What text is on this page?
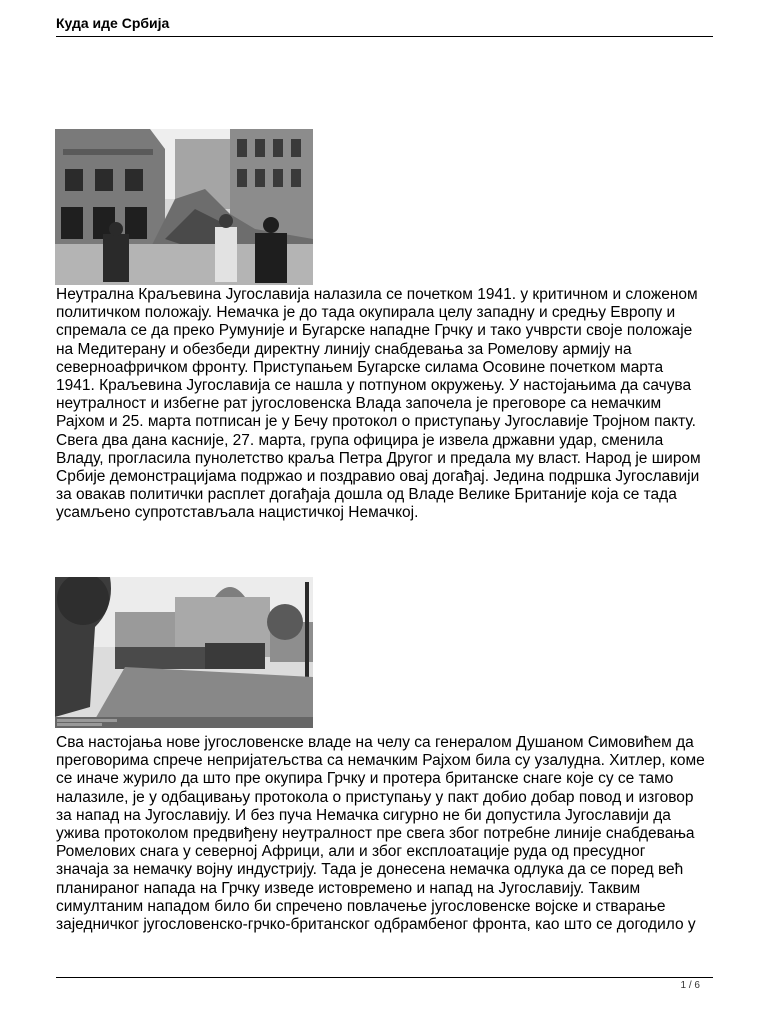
Куда иде Србија
Неутрална Краљевина Југославија налазила се почетком 1941. у критичном и сложеном
политичком положају. Немачка је до тада окупирала целу западну и средњу Европу и
спремала се да преко Румуније и Бугарске нападне Грчку и тако учврсти своје положаје
на Медитерану и обезбеди директну линију снабдевања за Ромелову армију на
северноафричком фронту. Приступањем Бугарске силама Осовине почетком марта
1941. Краљевина Југославија се нашла у потпуном окружењу. У настојањима да сачува
неутралност и избегне рат југословенска Влада започела је преговоре са немачким
Рајхом и 25. марта потписан је у Бечу протокол о приступању Југославије Тројном пакту.
Свега два дана касније, 27. марта, група официра је извела државни удар, сменила
Владу, прогласила пунолетство краља Петра Другог и предала му власт. Народ је широм
Србије демонстрацијама подржао и поздравио овај догађај. Једина подршка Југославији
за овакав политички расплет догађаја дошла од Владе Велике Британије која се тада
усамљено супротстављала нацистичкој Немачкој.
Сва настојања нове југословенске владе на челу са генералом Душаном Симовићем да
преговорима спрече непријатељства са немачким Рајхом била су узалудна. Хитлер, коме
се иначе журило да што пре окупира Грчку и протера британске снаге које су се тамо
налазиле, је у одбацивању протокола о приступању у пакт добио добар повод и изговор
за напад на Југославију. И без пуча Немачка сигурно не би допустила Југославији да
ужива протоколом предвиђену неутралност пре свега због потребне линије снабдевања
Ромелових снага у северној Африци, али и због експлоатације руда од пресудног
значаја за немачку војну индустрију. Тада је донесена немачка одлука да се поред већ
планираног напада на Грчку изведе истовремено и напад на Југославију. Таквим
симултаним нападом било би спречено повлачење југословенске војске и стварање
заједничког југословенско-грчко-британског одбрамбеног фронта, као што се догодило у
1 / 6
